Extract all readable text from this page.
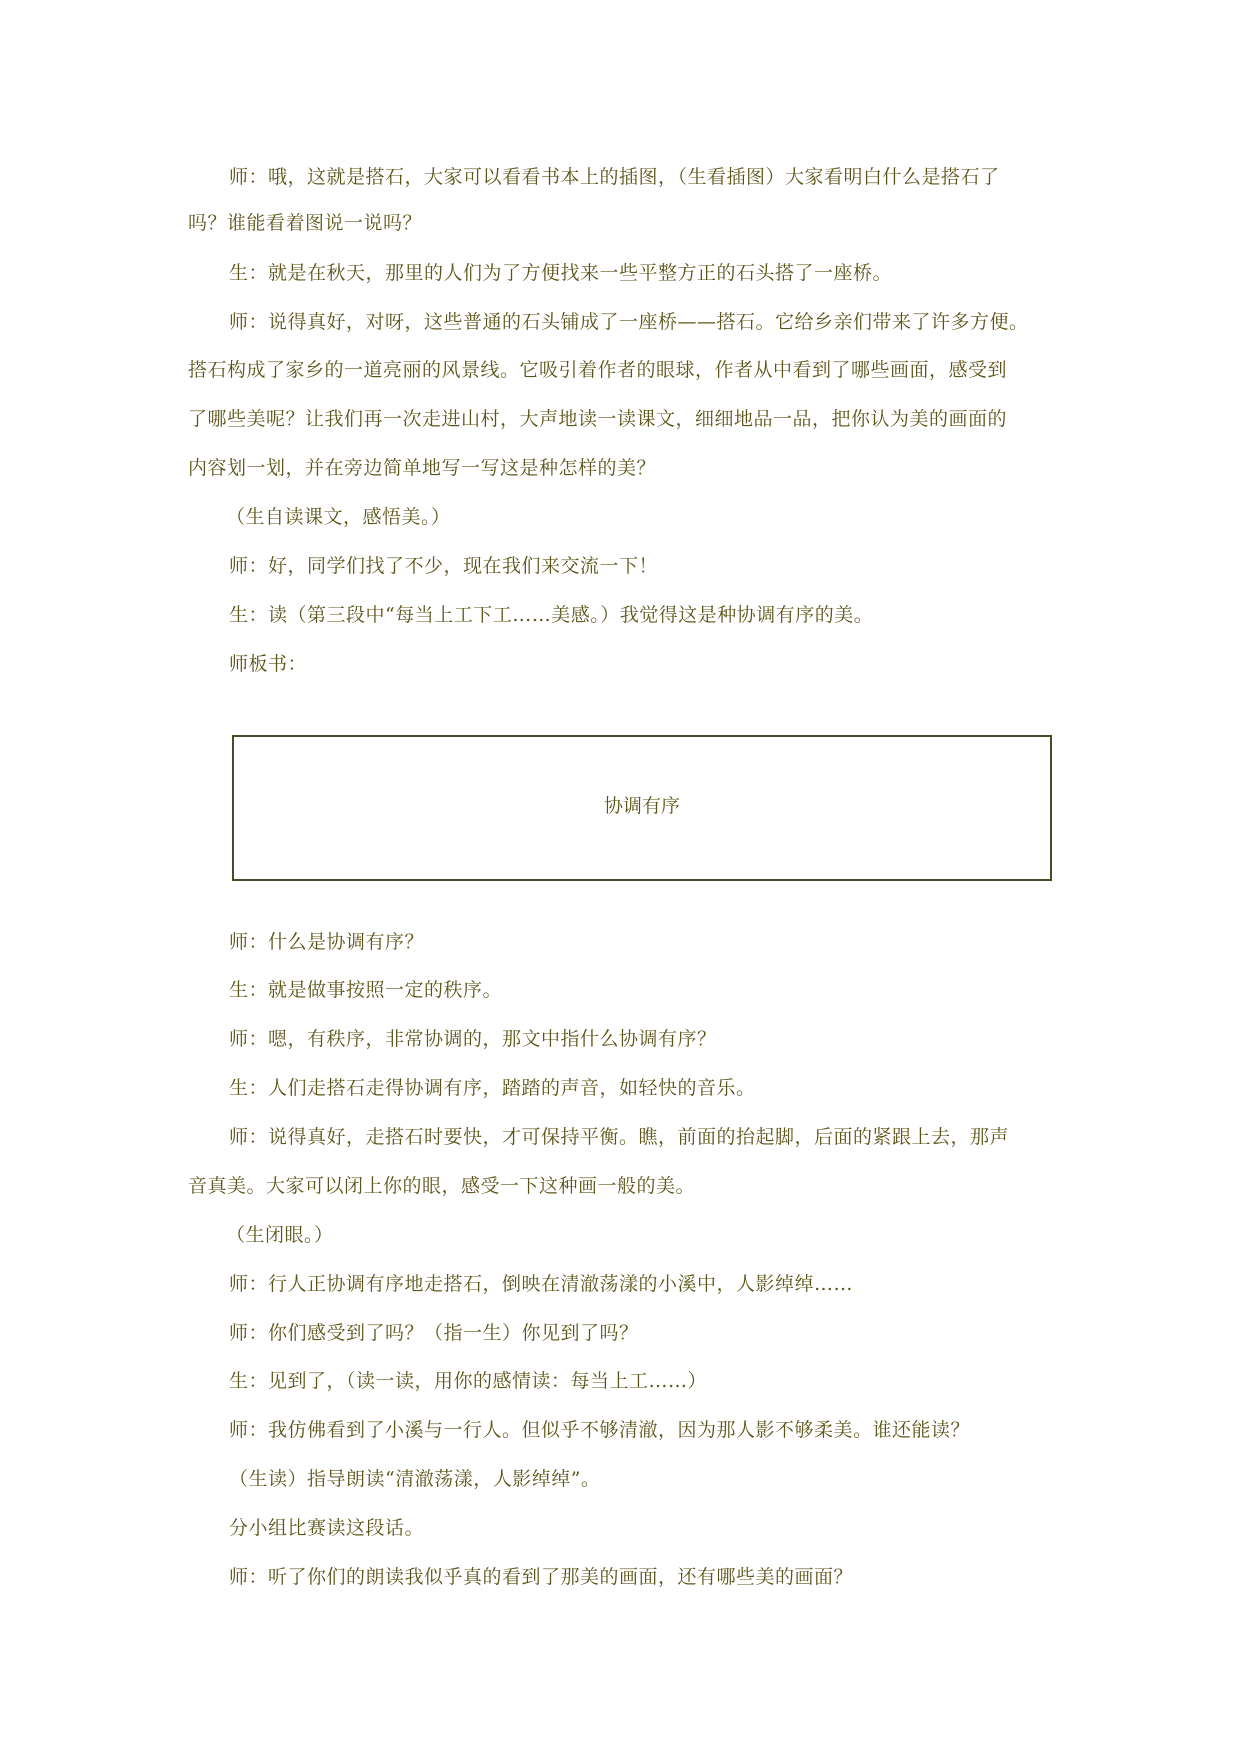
师：哦，这就是搭石，大家可以看看书本上的插图，（生看插图）大家看明白什么是搭石了
吗？谁能看着图说一说吗？
生：就是在秋天，那里的人们为了方便找来一些平整方正的石头搭了一座桥。
师：说得真好，对呀，这些普通的石头铺成了一座桥——搭石。它给乡亲们带来了许多方便。
搭石构成了家乡的一道亮丽的风景线。它吸引着作者的眼球，作者从中看到了哪些画面，感受到
了哪些美呢？让我们再一次走进山村，大声地读一读课文，细细地品一品，把你认为美的画面的
内容划一划，并在旁边简单地写一写这是种怎样的美？
（生自读课文，感悟美。）
师：好，同学们找了不少，现在我们来交流一下！
生：读（第三段中“每当上工下工……美感。）我觉得这是种协调有序的美。
师板书：
协调有序
师：什么是协调有序？
生：就是做事按照一定的秩序。
师：嗯，有秩序，非常协调的，那文中指什么协调有序？
生：人们走搭石走得协调有序，踏踏的声音，如轻快的音乐。
师：说得真好，走搭石时要快，才可保持平衡。瞧，前面的抬起脚，后面的紧跟上去，那声
音真美。大家可以闭上你的眼，感受一下这种画一般的美。
（生闭眼。）
师：行人正协调有序地走搭石，倒映在清澈荡漾的小溪中，人影绰绰……
师：你们感受到了吗？（指一生）你见到了吗？
生：见到了，（读一读，用你的感情读：每当上工……）
师：我仿佛看到了小溪与一行人。但似乎不够清澈，因为那人影不够柔美。谁还能读？
（生读）指导朗读“清澈荡漾，人影绰绰”。
分小组比赛读这段话。
师：听了你们的朗读我似乎真的看到了那美的画面，还有哪些美的画面？
